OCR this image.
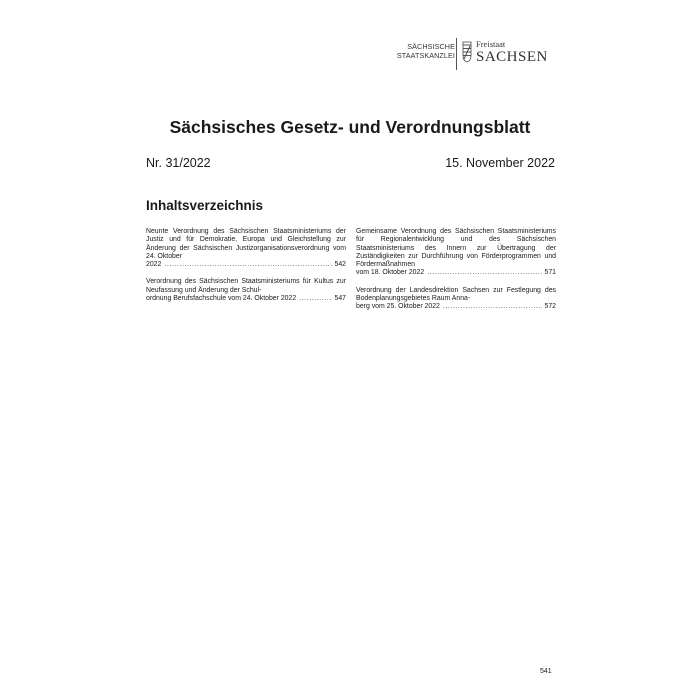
SÄCHSISCHE
STAATSKANZLEI
Freistaat
SACHSEN
Sächsisches Gesetz- und Verordnungsblatt
Nr. 31/2022	15. November 2022
Inhaltsverzeichnis
Neunte Verordnung des Sächsischen Staatsministeriums der Justiz und für Demokratie, Europa und Gleichstellung zur Änderung der Sächsischen Justizorganisationsverordnung vom 24. Oktober
2022 .....	542
Verordnung des Sächsischen Staatsministeriums für Kultus zur Neufassung und Änderung der Schul-
ordnung Berufsfachschule vom 24. Oktober 2022 .....	547
Gemeinsame Verordnung des Sächsischen Staatsministeriums für Regionalentwicklung und des Sächsischen Staatsministeriums des Innern zur Übertragung der Zuständigkeiten zur Durchführung von Förderprogrammen und Fördermaßnahmen
vom 18. Oktober 2022 .....	571
Verordnung der Landesdirektion Sachsen zur Festlegung des Bodenplanungsgebietes Raum Anna-
berg vom 25. Oktober 2022 .....	572
541
